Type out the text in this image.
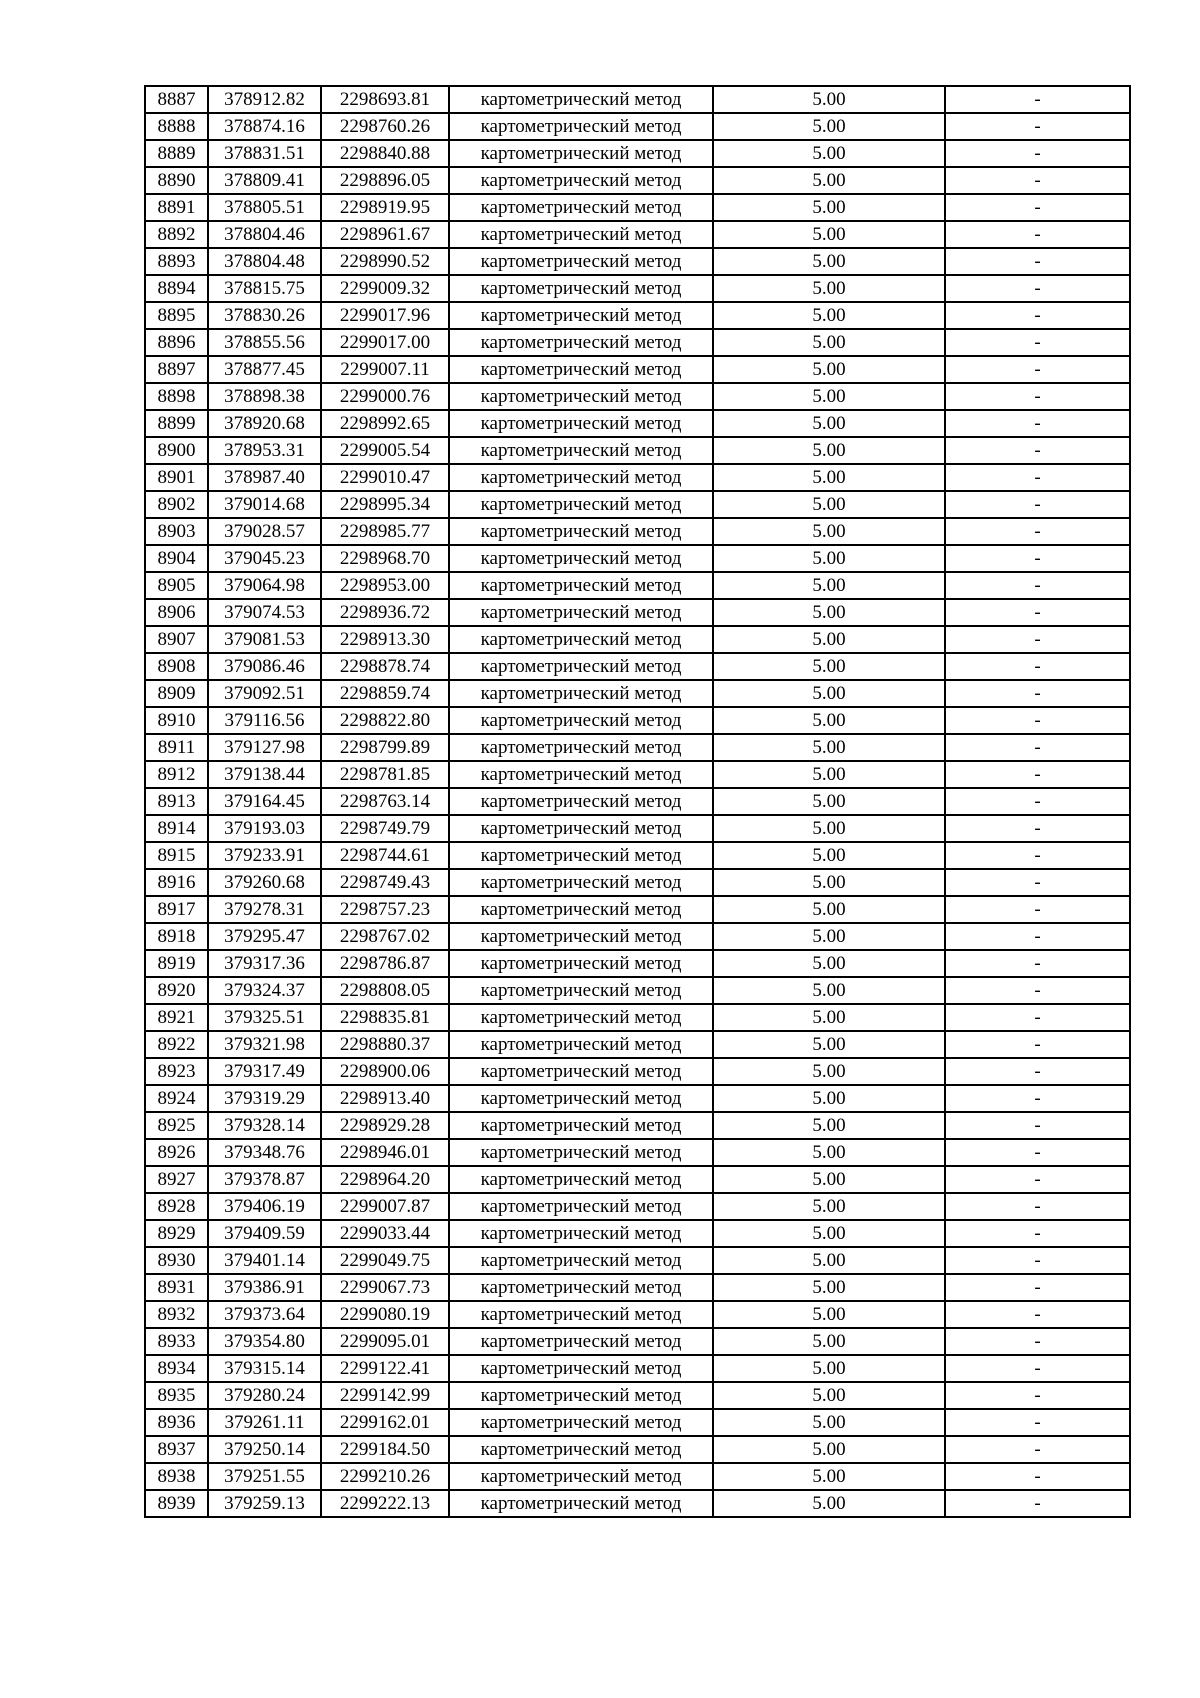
8887	378912.82	2298693.81	картометрический метод	5.00	-
8888	378874.16	2298760.26	картометрический метод	5.00	-
8889	378831.51	2298840.88	картометрический метод	5.00	-
8890	378809.41	2298896.05	картометрический метод	5.00	-
8891	378805.51	2298919.95	картометрический метод	5.00	-
8892	378804.46	2298961.67	картометрический метод	5.00	-
8893	378804.48	2298990.52	картометрический метод	5.00	-
8894	378815.75	2299009.32	картометрический метод	5.00	-
8895	378830.26	2299017.96	картометрический метод	5.00	-
8896	378855.56	2299017.00	картометрический метод	5.00	-
8897	378877.45	2299007.11	картометрический метод	5.00	-
8898	378898.38	2299000.76	картометрический метод	5.00	-
8899	378920.68	2298992.65	картометрический метод	5.00	-
8900	378953.31	2299005.54	картометрический метод	5.00	-
8901	378987.40	2299010.47	картометрический метод	5.00	-
8902	379014.68	2298995.34	картометрический метод	5.00	-
8903	379028.57	2298985.77	картометрический метод	5.00	-
8904	379045.23	2298968.70	картометрический метод	5.00	-
8905	379064.98	2298953.00	картометрический метод	5.00	-
8906	379074.53	2298936.72	картометрический метод	5.00	-
8907	379081.53	2298913.30	картометрический метод	5.00	-
8908	379086.46	2298878.74	картометрический метод	5.00	-
8909	379092.51	2298859.74	картометрический метод	5.00	-
8910	379116.56	2298822.80	картометрический метод	5.00	-
8911	379127.98	2298799.89	картометрический метод	5.00	-
8912	379138.44	2298781.85	картометрический метод	5.00	-
8913	379164.45	2298763.14	картометрический метод	5.00	-
8914	379193.03	2298749.79	картометрический метод	5.00	-
8915	379233.91	2298744.61	картометрический метод	5.00	-
8916	379260.68	2298749.43	картометрический метод	5.00	-
8917	379278.31	2298757.23	картометрический метод	5.00	-
8918	379295.47	2298767.02	картометрический метод	5.00	-
8919	379317.36	2298786.87	картометрический метод	5.00	-
8920	379324.37	2298808.05	картометрический метод	5.00	-
8921	379325.51	2298835.81	картометрический метод	5.00	-
8922	379321.98	2298880.37	картометрический метод	5.00	-
8923	379317.49	2298900.06	картометрический метод	5.00	-
8924	379319.29	2298913.40	картометрический метод	5.00	-
8925	379328.14	2298929.28	картометрический метод	5.00	-
8926	379348.76	2298946.01	картометрический метод	5.00	-
8927	379378.87	2298964.20	картометрический метод	5.00	-
8928	379406.19	2299007.87	картометрический метод	5.00	-
8929	379409.59	2299033.44	картометрический метод	5.00	-
8930	379401.14	2299049.75	картометрический метод	5.00	-
8931	379386.91	2299067.73	картометрический метод	5.00	-
8932	379373.64	2299080.19	картометрический метод	5.00	-
8933	379354.80	2299095.01	картометрический метод	5.00	-
8934	379315.14	2299122.41	картометрический метод	5.00	-
8935	379280.24	2299142.99	картометрический метод	5.00	-
8936	379261.11	2299162.01	картометрический метод	5.00	-
8937	379250.14	2299184.50	картометрический метод	5.00	-
8938	379251.55	2299210.26	картометрический метод	5.00	-
8939	379259.13	2299222.13	картометрический метод	5.00	-
